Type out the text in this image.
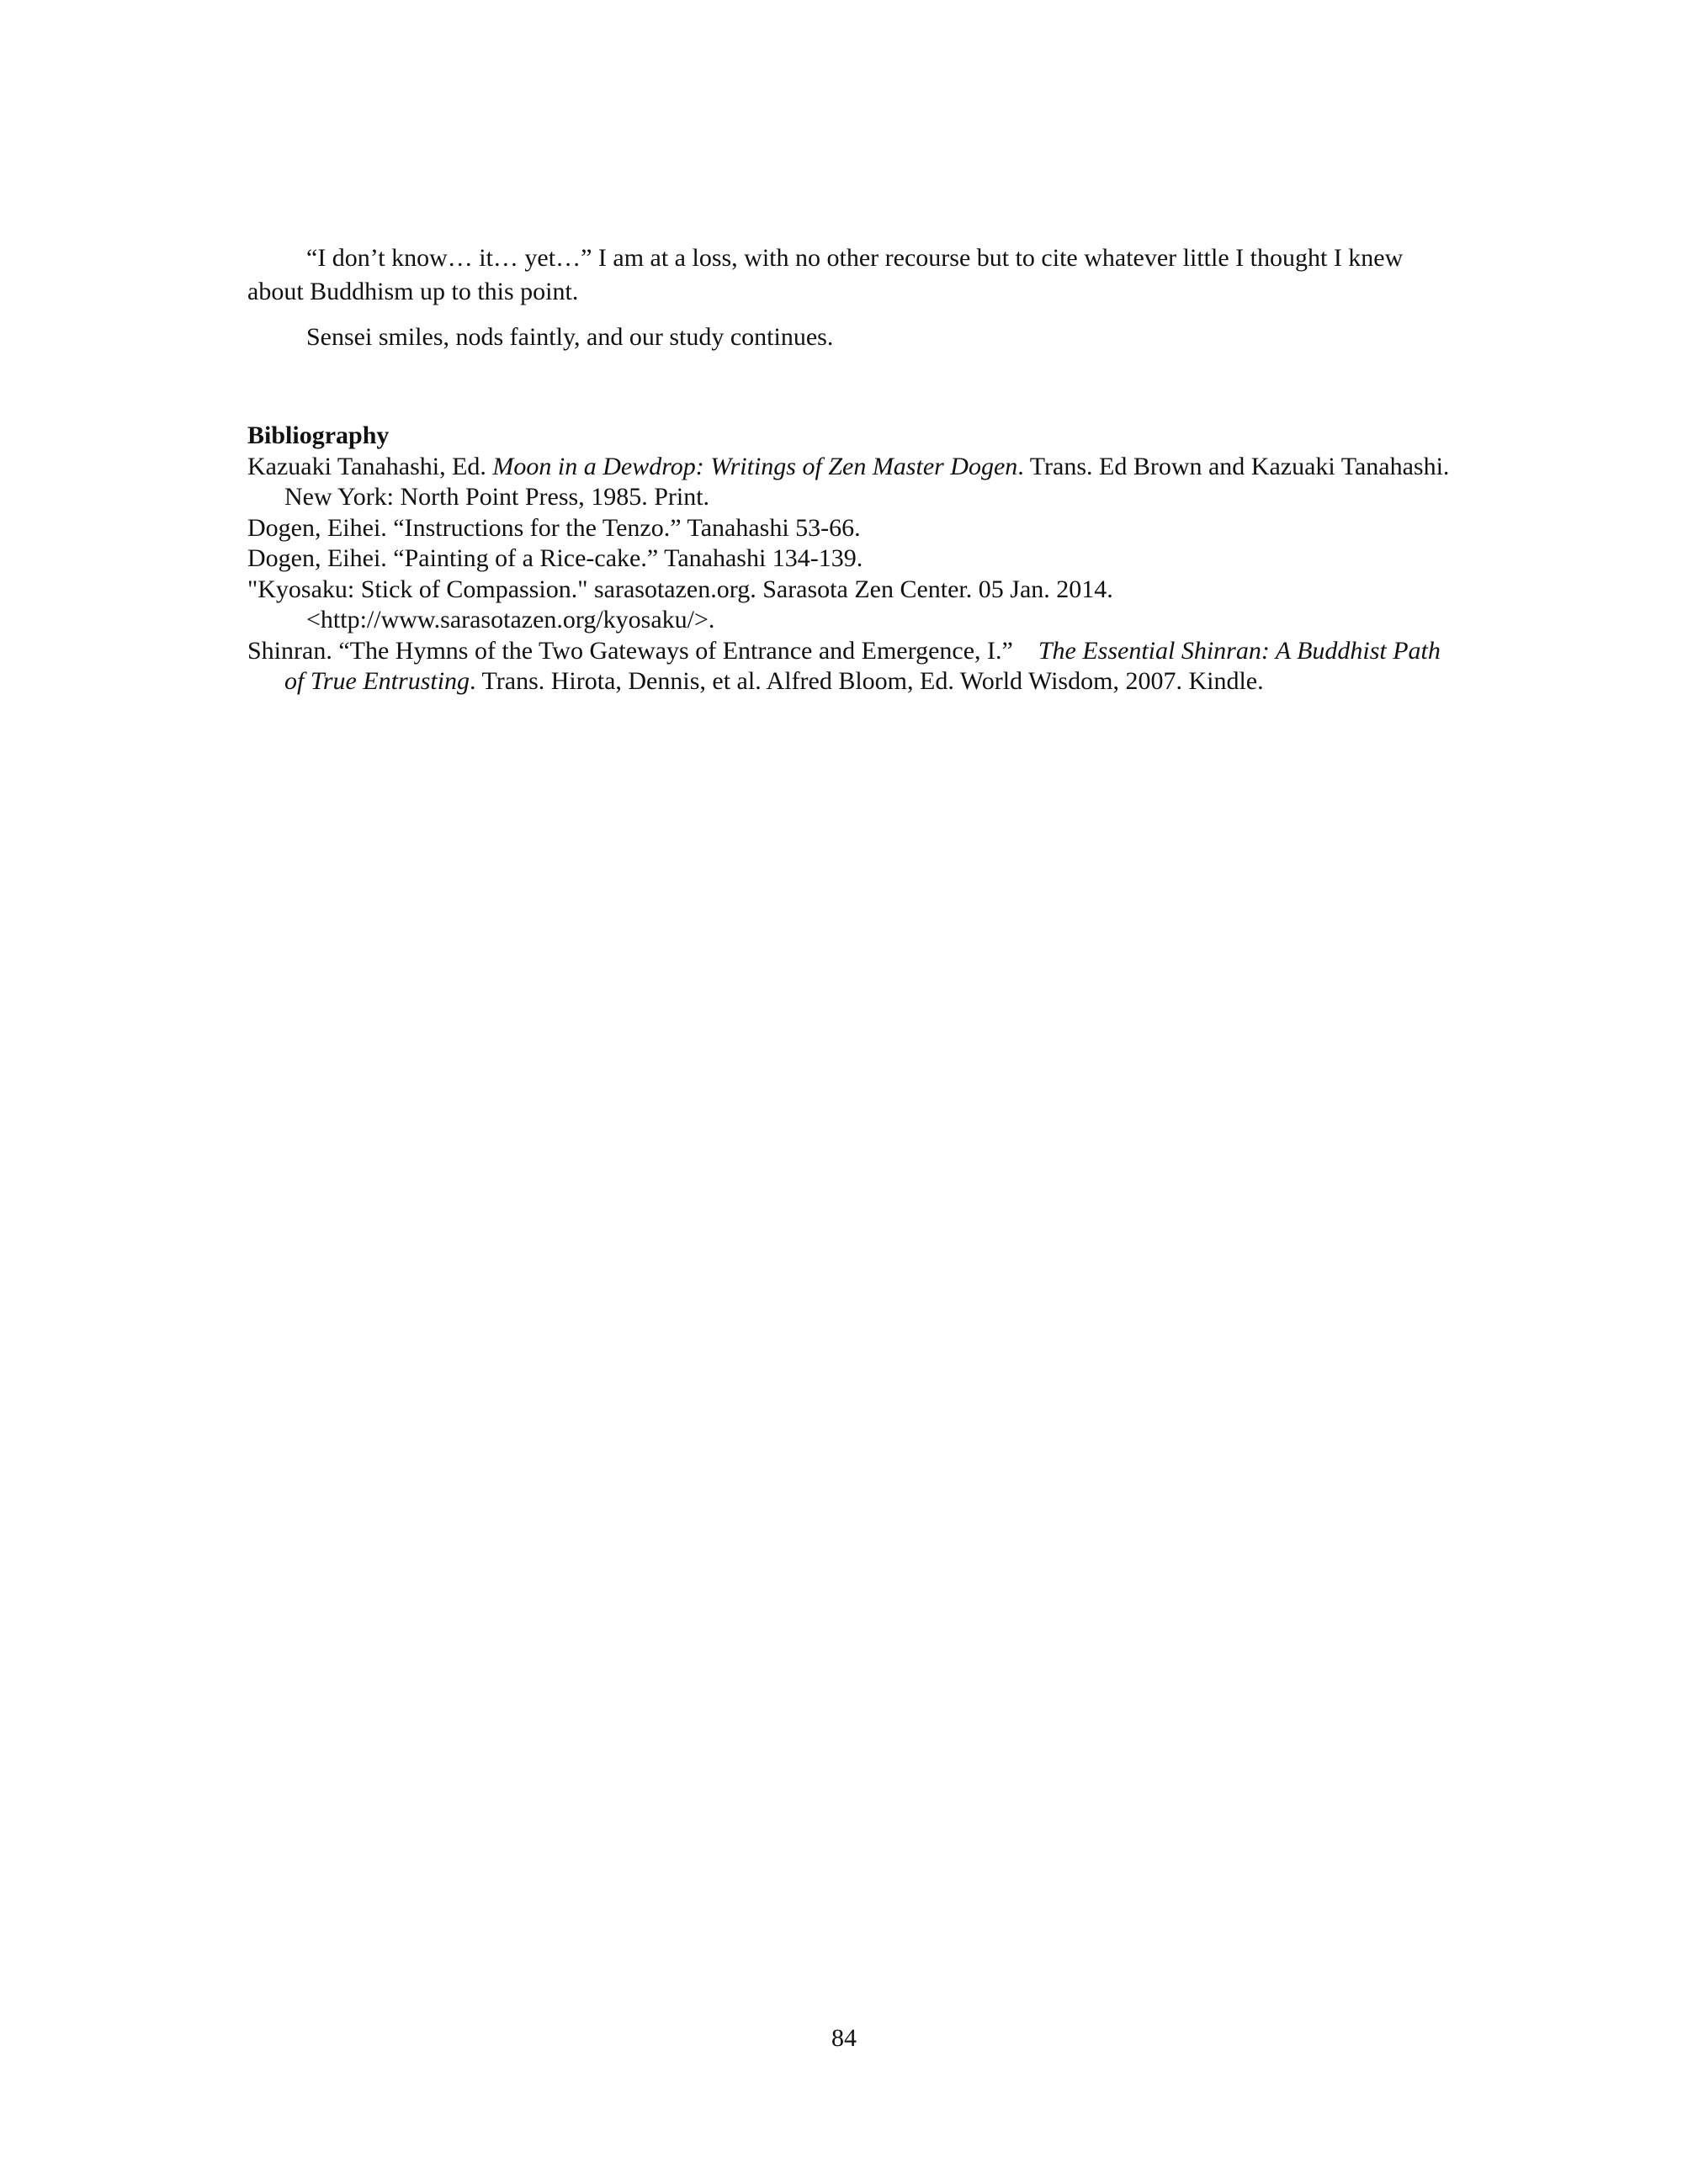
“I don’t know… it… yet…” I am at a loss, with no other recourse but to cite whatever little I thought I knew about Buddhism up to this point.

Sensei smiles, nods faintly, and our study continues.

Bibliography

Kazuaki Tanahashi, Ed. Moon in a Dewdrop: Writings of Zen Master Dogen. Trans. Ed Brown and Kazuaki Tanahashi. New York: North Point Press, 1985. Print.

Dogen, Eihei. “Instructions for the Tenzo.” Tanahashi 53-66.

Dogen, Eihei. “Painting of a Rice-cake.” Tanahashi 134-139.

"Kyosaku: Stick of Compassion." sarasotazen.org. Sarasota Zen Center. 05 Jan. 2014. <http://www.sarasotazen.org/kyosaku/>.

Shinran. “The Hymns of the Two Gateways of Entrance and Emergence, I.” The Essential Shinran: A Buddhist Path of True Entrusting. Trans. Hirota, Dennis, et al. Alfred Bloom, Ed. World Wisdom, 2007. Kindle.

84
